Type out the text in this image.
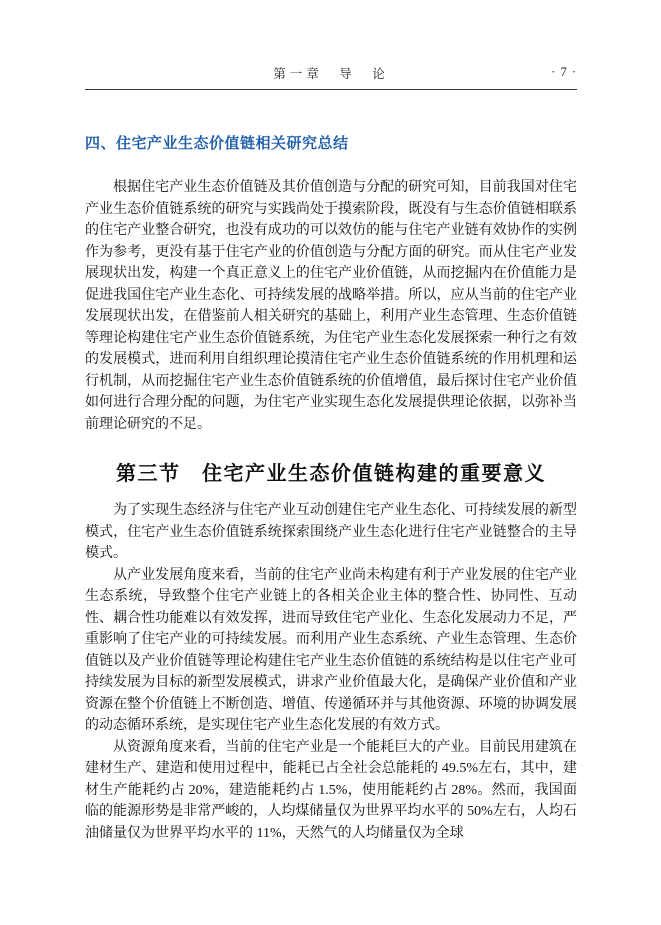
第一章　导　论	· 7 ·
四、住宅产业生态价值链相关研究总结

根据住宅产业生态价值链及其价值创造与分配的研究可知，目前我国对住宅产业生态价值链系统的研究与实践尚处于摸索阶段，既没有与生态价值链相联系的住宅产业整合研究，也没有成功的可以效仿的能与住宅产业链有效协作的实例作为参考，更没有基于住宅产业的价值创造与分配方面的研究。而从住宅产业发展现状出发，构建一个真正意义上的住宅产业价值链，从而挖掘内在价值能力是促进我国住宅产业生态化、可持续发展的战略举措。所以，应从当前的住宅产业发展现状出发，在借鉴前人相关研究的基础上，利用产业生态管理、生态价值链等理论构建住宅产业生态价值链系统，为住宅产业生态化发展探索一种行之有效的发展模式，进而利用自组织理论摸清住宅产业生态价值链系统的作用机理和运行机制，从而挖掘住宅产业生态价值链系统的价值增值，最后探讨住宅产业价值如何进行合理分配的问题，为住宅产业实现生态化发展提供理论依据，以弥补当前理论研究的不足。

第三节　住宅产业生态价值链构建的重要意义

为了实现生态经济与住宅产业互动创建住宅产业生态化、可持续发展的新型模式，住宅产业生态价值链系统探索围绕产业生态化进行住宅产业链整合的主导模式。

从产业发展角度来看，当前的住宅产业尚未构建有利于产业发展的住宅产业生态系统，导致整个住宅产业链上的各相关企业主体的整合性、协同性、互动性、耦合性功能难以有效发挥，进而导致住宅产业化、生态化发展动力不足，严重影响了住宅产业的可持续发展。而利用产业生态系统、产业生态管理、生态价值链以及产业价值链等理论构建住宅产业生态价值链的系统结构是以住宅产业可持续发展为目标的新型发展模式，讲求产业价值最大化，是确保产业价值和产业资源在整个价值链上不断创造、增值、传递循环并与其他资源、环境的协调发展的动态循环系统，是实现住宅产业生态化发展的有效方式。

从资源角度来看，当前的住宅产业是一个能耗巨大的产业。目前民用建筑在建材生产、建造和使用过程中，能耗已占全社会总能耗的 49.5%左右，其中，建材生产能耗约占 20%，建造能耗约占 1.5%，使用能耗约占 28%。然而，我国面临的能源形势是非常严峻的，人均煤储量仅为世界平均水平的 50%左右，人均石油储量仅为世界平均水平的 11%，天然气的人均储量仅为全球
